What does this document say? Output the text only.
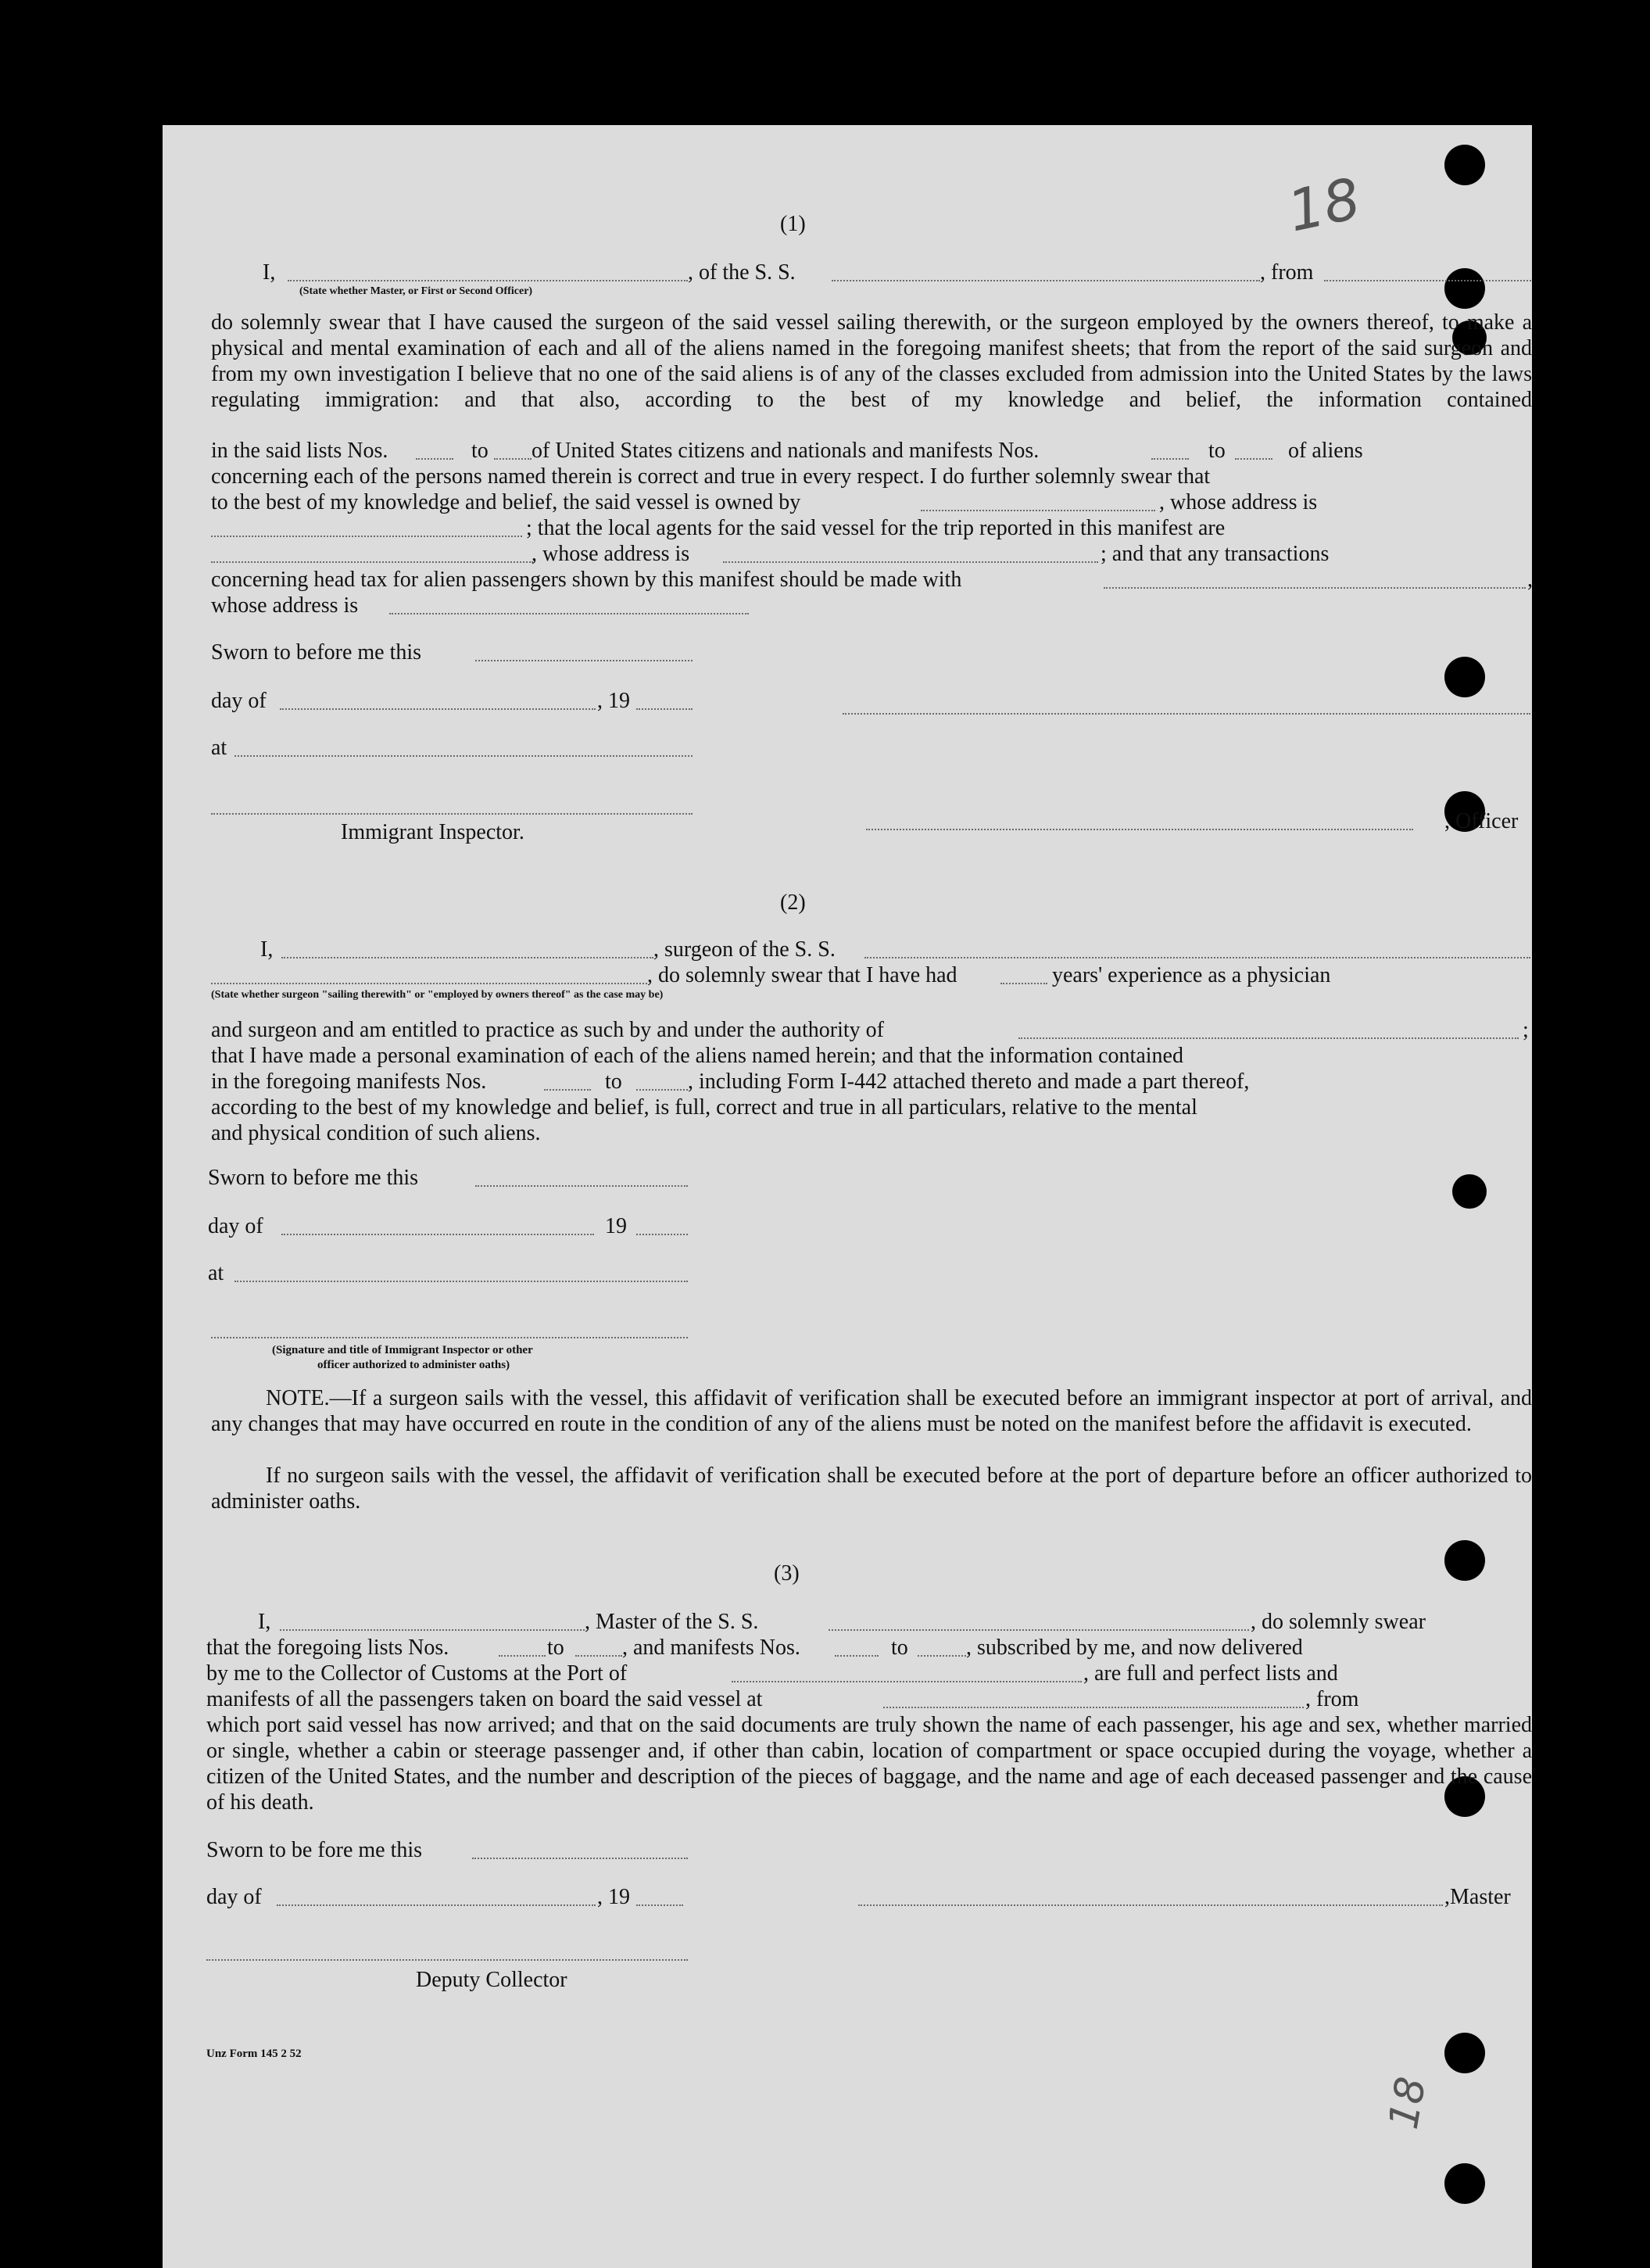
18
18
(1)
I,	, of the S. S.	, from
(State whether Master, or First or Second Officer)
do solemnly swear that I have caused the surgeon of the said vessel sailing therewith, or the surgeon employed by the owners thereof, to make a physical and mental examination of each and all of the aliens named in the foregoing manifest sheets; that from the report of the said surgeon and from my own investigation I believe that no one of the said aliens is of any of the classes excluded from admission into the United States by the laws regulating immigration: and that also, according to the best of my knowledge and belief, the information contained
in the said lists Nos.	to of United States citizens and nationals and manifests Nos.	to	of aliens
concerning each of the persons named therein is correct and true in every respect. I do further solemnly swear that
to the best of my knowledge and belief, the said vessel is owned by	, whose address is
; that the local agents for the said vessel for the trip reported in this manifest are
, whose address is	; and that any transactions
concerning head tax for alien passengers shown by this manifest should be made with	,
whose address is
Sworn to before me this
day of	, 19
at
Immigrant Inspector.	, Officer
(2)
I,	, surgeon of the S. S.
, do solemnly swear that I have had	years' experience as a physician
(State whether surgeon "sailing therewith" or "employed by owners thereof" as the case may be)
and surgeon and am entitled to practice as such by and under the authority of	;
that I have made a personal examination of each of the aliens named herein; and that the information contained
in the foregoing manifests Nos.	to	, including Form I-442 attached thereto and made a part thereof,
according to the best of my knowledge and belief, is full, correct and true in all particulars, relative to the mental
and physical condition of such aliens.
Sworn to before me this
day of	19
at
(Signature and title of Immigrant Inspector or other
officer authorized to administer oaths)
NOTE.—If a surgeon sails with the vessel, this affidavit of verification shall be executed before an immigrant inspector at port of arrival, and any changes that may have occurred en route in the condition of any of the aliens must be noted on the manifest before the affidavit is executed.
If no surgeon sails with the vessel, the affidavit of verification shall be executed before at the port of departure before an officer authorized to administer oaths.
(3)
I,	, Master of the S. S.	, do solemnly swear
that the foregoing lists Nos.	to	, and manifests Nos.	to	, subscribed by me, and now delivered
by me to the Collector of Customs at the Port of	, are full and perfect lists and
manifests of all the passengers taken on board the said vessel at	, from
which port said vessel has now arrived; and that on the said documents are truly shown the name of each passenger, his age and sex, whether married or single, whether a cabin or steerage passenger and, if other than cabin, location of compartment or space occupied during the voyage, whether a citizen of the United States, and the number and description of the pieces of baggage, and the name and age of each deceased passenger and the cause of his death.
Sworn to be fore me this
day of	, 19	,Master
Deputy Collector
Unz Form 145 2 52
